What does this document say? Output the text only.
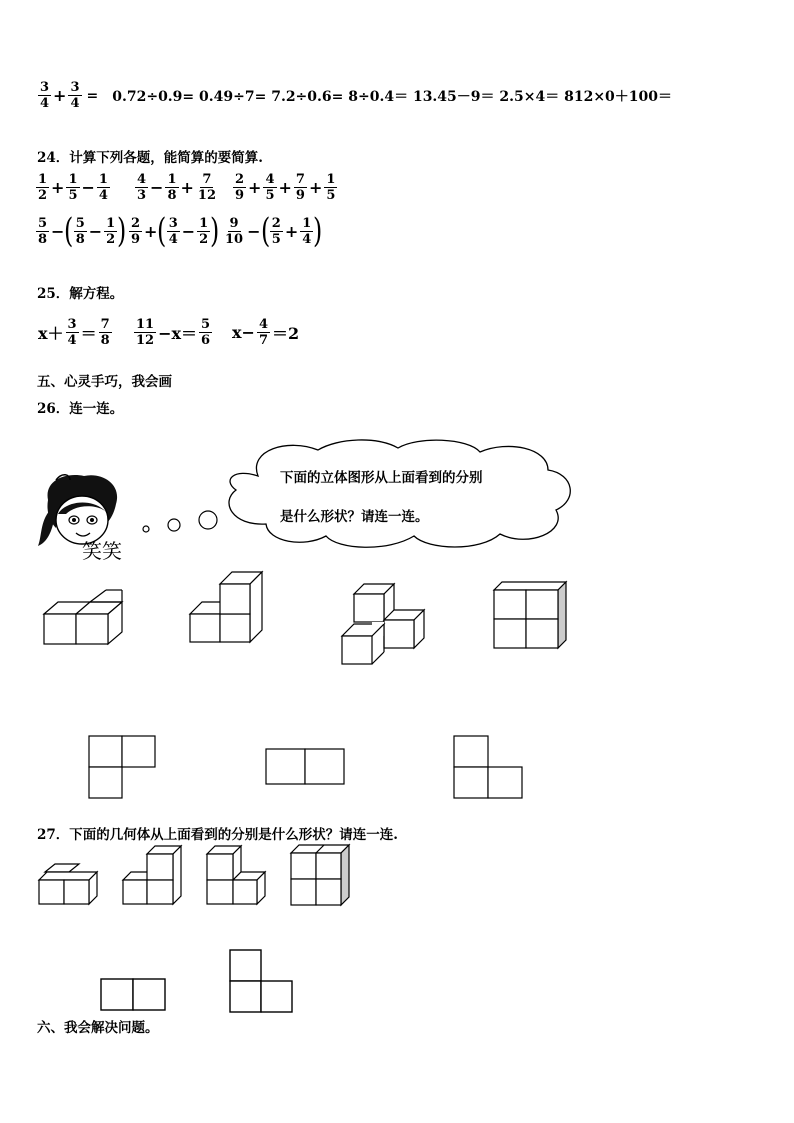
$\frac{3}{4} + \frac{3}{4} = 0.72\div 0.9= 0.49\div 7= 7.2\div 0.6= 8\div 0.4= 13.45-9= 2.5\times 4= 812\times 0+100=$
24．计算下列各题，能简算的要简算.
$\frac{1}{2} + \frac{1}{5} - \frac{1}{4} \frac{4}{3} - \frac{1}{8} + \frac{7}{12} \frac{2}{9} + \frac{4}{5} + \frac{7}{9} + \frac{1}{5}$
$\frac{5}{8}$ − ( $\frac{5}{8} - \frac{1}{2}$ ) $\frac{2}{9}$ + ( $\frac{3}{4} - \frac{1}{2}$ ) $\frac{9}{10}$ − ( $\frac{2}{5} + \frac{1}{4}$ )
25．解方程。
$x+ \frac{3}{4} = \frac{7}{8} \frac{11}{12} -x= \frac{5}{6} x- \frac{4}{7} =2$
五、心灵手巧，我会画
26．连一连。
笑笑
下面的立体图形从上面看到的分别
是什么形状？请连一连。
27．下面的几何体从上面看到的分别是什么形状？请连一连.
六、我会解决问题。
